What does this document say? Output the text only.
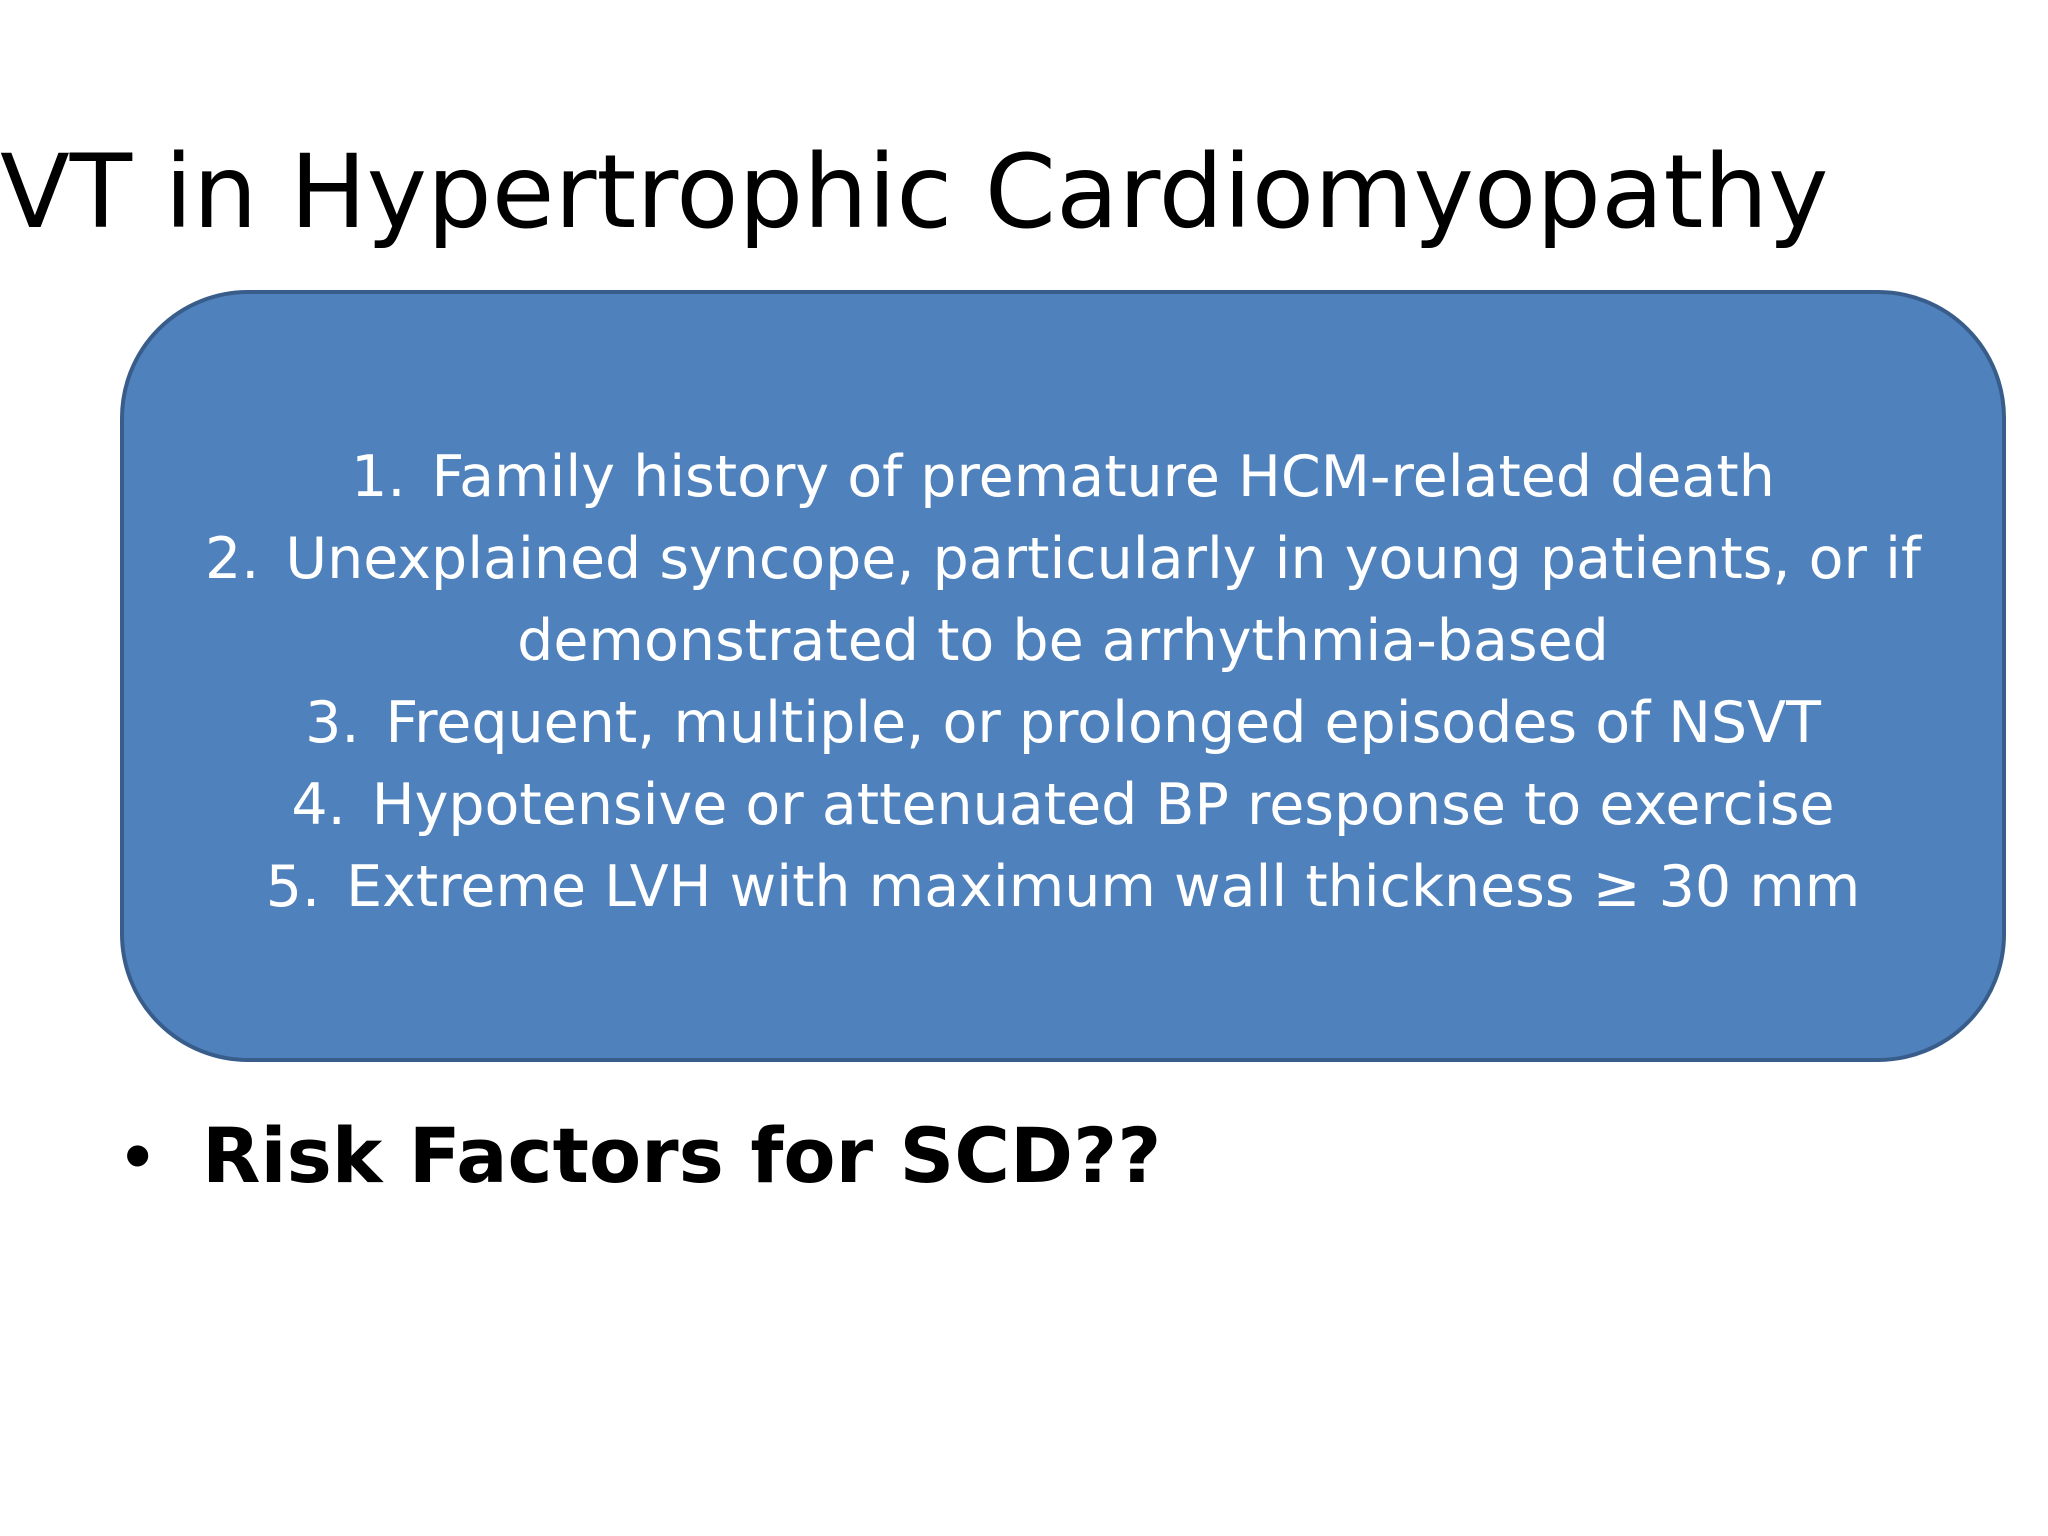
VT in Hypertrophic Cardiomyopathy
1. Family history of premature HCM-related death
2. Unexplained syncope, particularly in young patients, or if
demonstrated to be arrhythmia-based
3. Frequent, multiple, or prolonged episodes of NSVT
4. Hypotensive or attenuated BP response to exercise
5. Extreme LVH with maximum wall thickness ≥ 30 mm
• Risk Factors for SCD??
